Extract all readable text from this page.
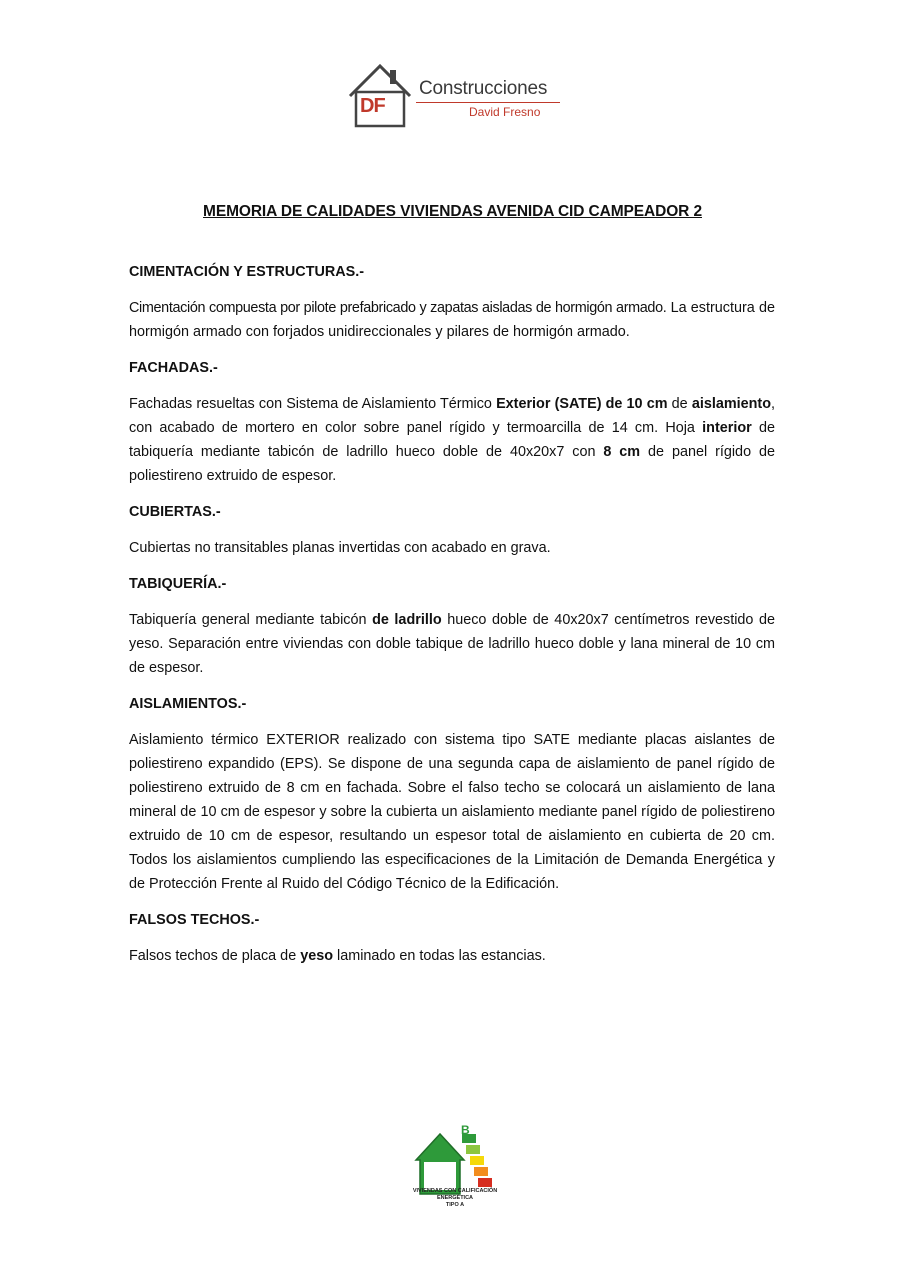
DF
Construcciones
David Fresno
MEMORIA DE CALIDADES VIVIENDAS AVENIDA CID CAMPEADOR 2
CIMENTACIÓN Y ESTRUCTURAS.-
Cimentación compuesta por pilote prefabricado y zapatas aisladas de hormigón armado. La estructura de hormigón armado con forjados unidireccionales y pilares de hormigón armado.
FACHADAS.-
Fachadas resueltas con Sistema de Aislamiento Térmico Exterior (SATE) de 10 cm de aislamiento, con acabado de mortero en color sobre panel rígido y termoarcilla de 14 cm. Hoja interior de tabiquería mediante tabicón de ladrillo hueco doble de 40x20x7 con 8 cm de panel rígido de poliestireno extruido de espesor.
CUBIERTAS.-
Cubiertas no transitables planas invertidas con acabado en grava.
TABIQUERÍA.-
Tabiquería general mediante tabicón de ladrillo hueco doble de 40x20x7 centímetros revestido de yeso. Separación entre viviendas con doble tabique de ladrillo hueco doble y lana mineral de 10 cm de espesor.
AISLAMIENTOS.-
Aislamiento térmico EXTERIOR realizado con sistema tipo SATE mediante placas aislantes de poliestireno expandido (EPS). Se dispone de una segunda capa de aislamiento de panel rígido de poliestireno extruido de 8 cm en fachada. Sobre el falso techo se colocará un aislamiento de lana mineral de 10 cm de espesor y sobre la cubierta un aislamiento mediante panel rígido de poliestireno extruido de 10 cm de espesor, resultando un espesor total de aislamiento en cubierta de 20 cm. Todos los aislamientos cumpliendo las especificaciones de la Limitación de Demanda Energética y de Protección Frente al Ruido del Código Técnico de la Edificación.
FALSOS TECHOS.-
Falsos techos de placa de yeso laminado en todas las estancias.
A
B
VIVIENDAS CON CALIFICACIÓN
ENERGÉTICA
TIPO A
